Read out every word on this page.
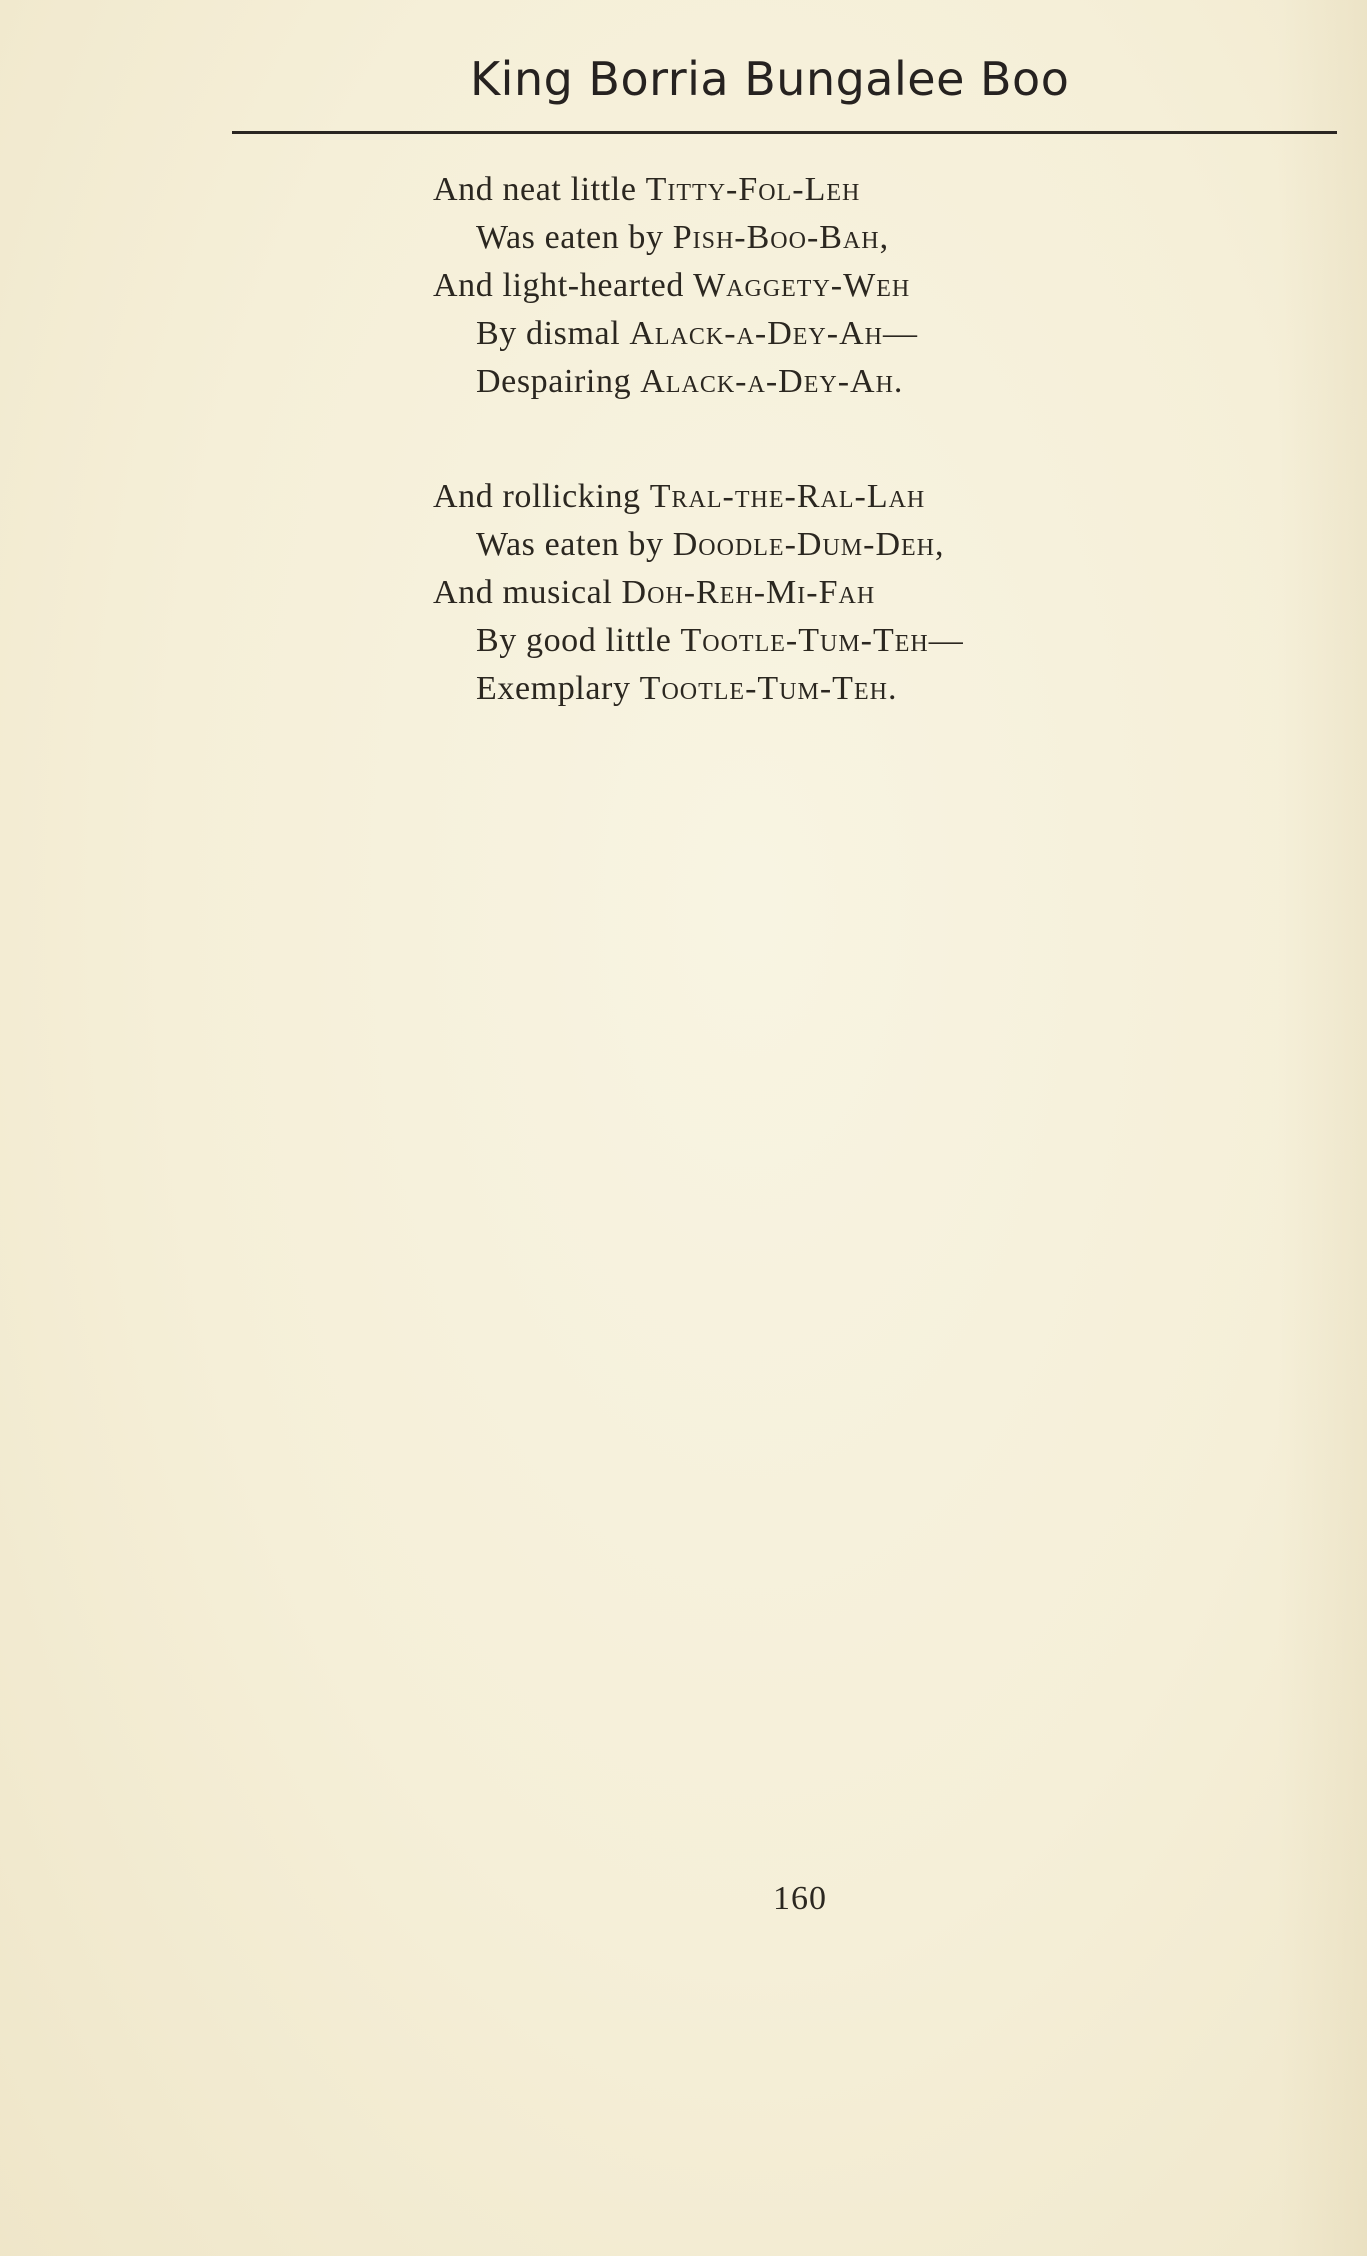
King Borria Bungalee Boo
And neat little Titty-Fol-Leh
Was eaten by Pish-Boo-Bah,
And light-hearted Waggety-Weh
By dismal Alack-a-Dey-Ah—
Despairing Alack-a-Dey-Ah.
And rollicking Tral-the-Ral-Lah
Was eaten by Doodle-Dum-Deh,
And musical Doh-Reh-Mi-Fah
By good little Tootle-Tum-Teh—
Exemplary Tootle-Tum-Teh.
160
